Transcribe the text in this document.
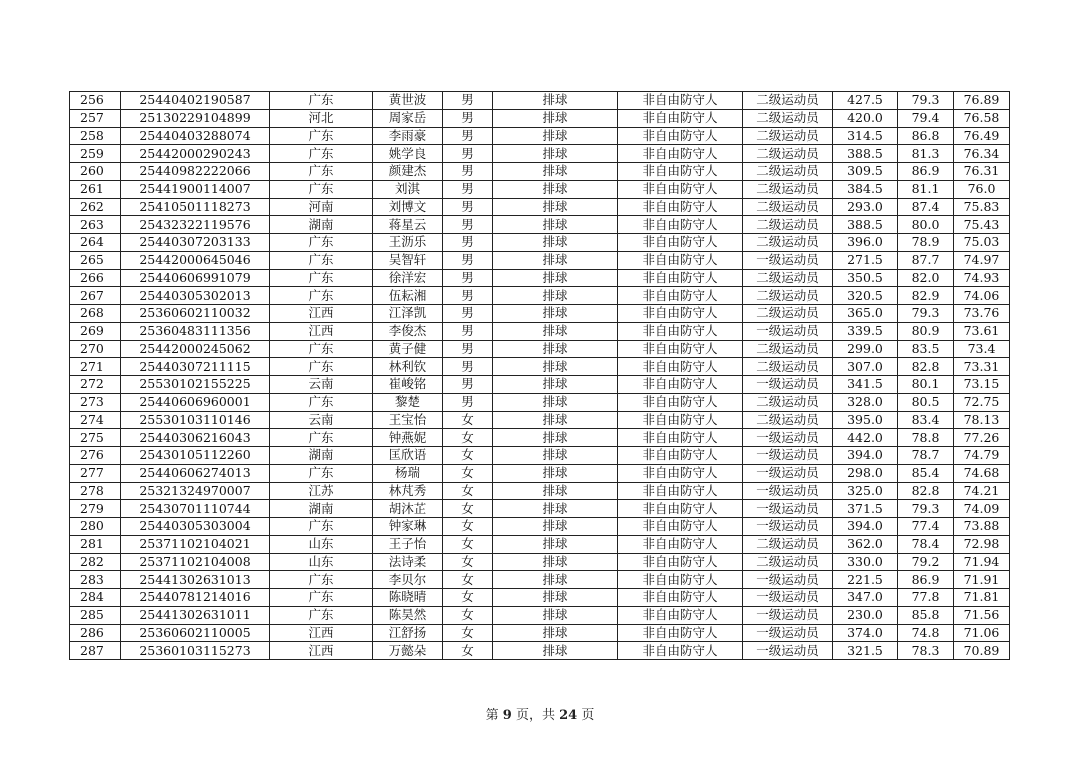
256	25440402190587	广东	黄世波	男	排球	非自由防守人	二级运动员	427.5	79.3	76.89
257	25130229104899	河北	周家岳	男	排球	非自由防守人	二级运动员	420.0	79.4	76.58
258	25440403288074	广东	李雨豪	男	排球	非自由防守人	二级运动员	314.5	86.8	76.49
259	25442000290243	广东	姚学良	男	排球	非自由防守人	二级运动员	388.5	81.3	76.34
260	25440982222066	广东	颜建杰	男	排球	非自由防守人	二级运动员	309.5	86.9	76.31
261	25441900114007	广东	刘淇	男	排球	非自由防守人	二级运动员	384.5	81.1	76.0
262	25410501118273	河南	刘博文	男	排球	非自由防守人	二级运动员	293.0	87.4	75.83
263	25432322119576	湖南	蒋星云	男	排球	非自由防守人	二级运动员	388.5	80.0	75.43
264	25440307203133	广东	王沥乐	男	排球	非自由防守人	二级运动员	396.0	78.9	75.03
265	25442000645046	广东	吴智轩	男	排球	非自由防守人	一级运动员	271.5	87.7	74.97
266	25440606991079	广东	徐洋宏	男	排球	非自由防守人	二级运动员	350.5	82.0	74.93
267	25440305302013	广东	伍耘湘	男	排球	非自由防守人	二级运动员	320.5	82.9	74.06
268	25360602110032	江西	江泽凯	男	排球	非自由防守人	二级运动员	365.0	79.3	73.76
269	25360483111356	江西	李俊杰	男	排球	非自由防守人	一级运动员	339.5	80.9	73.61
270	25442000245062	广东	黄子健	男	排球	非自由防守人	二级运动员	299.0	83.5	73.4
271	25440307211115	广东	林利钦	男	排球	非自由防守人	二级运动员	307.0	82.8	73.31
272	25530102155225	云南	崔峻铭	男	排球	非自由防守人	一级运动员	341.5	80.1	73.15
273	25440606960001	广东	黎楚	男	排球	非自由防守人	二级运动员	328.0	80.5	72.75
274	25530103110146	云南	王宝怡	女	排球	非自由防守人	二级运动员	395.0	83.4	78.13
275	25440306216043	广东	钟燕妮	女	排球	非自由防守人	一级运动员	442.0	78.8	77.26
276	25430105112260	湖南	匡欣语	女	排球	非自由防守人	一级运动员	394.0	78.7	74.79
277	25440606274013	广东	杨瑞	女	排球	非自由防守人	一级运动员	298.0	85.4	74.68
278	25321324970007	江苏	林芃秀	女	排球	非自由防守人	一级运动员	325.0	82.8	74.21
279	25430701110744	湖南	胡沐芷	女	排球	非自由防守人	一级运动员	371.5	79.3	74.09
280	25440305303004	广东	钟家琳	女	排球	非自由防守人	一级运动员	394.0	77.4	73.88
281	25371102104021	山东	王子怡	女	排球	非自由防守人	二级运动员	362.0	78.4	72.98
282	25371102104008	山东	法诗柔	女	排球	非自由防守人	二级运动员	330.0	79.2	71.94
283	25441302631013	广东	李贝尔	女	排球	非自由防守人	一级运动员	221.5	86.9	71.91
284	25440781214016	广东	陈晓晴	女	排球	非自由防守人	一级运动员	347.0	77.8	71.81
285	25441302631011	广东	陈昊然	女	排球	非自由防守人	一级运动员	230.0	85.8	71.56
286	25360602110005	江西	江舒扬	女	排球	非自由防守人	一级运动员	374.0	74.8	71.06
287	25360103115273	江西	万懿朵	女	排球	非自由防守人	一级运动员	321.5	78.3	70.89
第 9 页，共 24 页
